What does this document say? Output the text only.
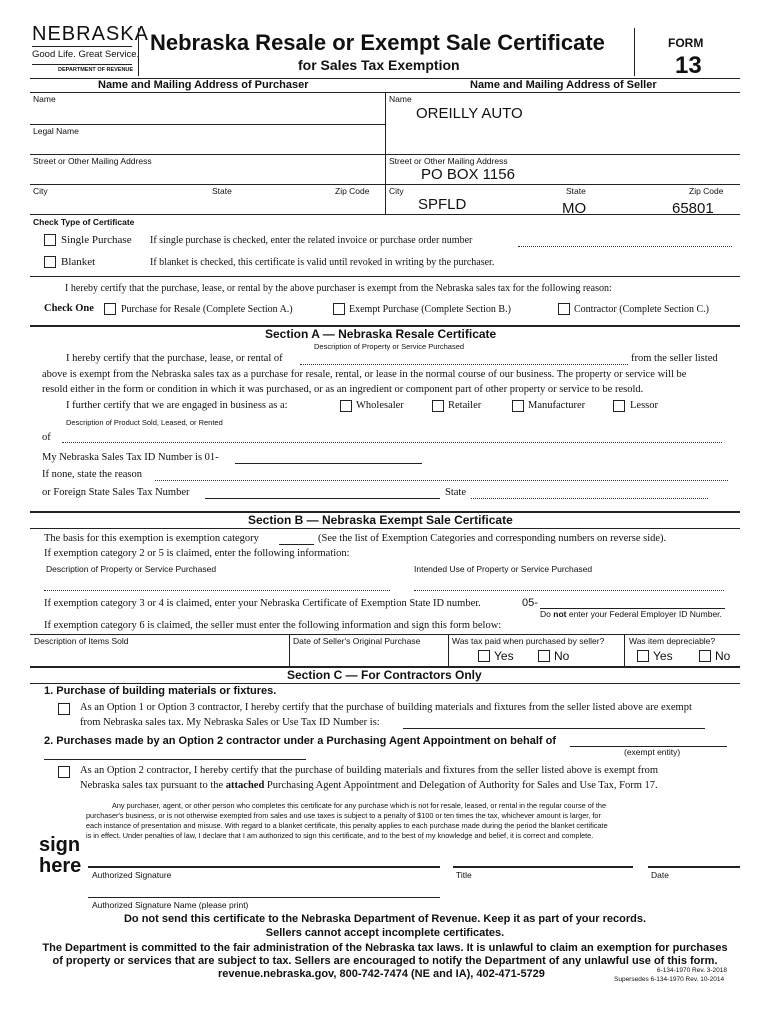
NEBRASKA
Good Life. Great Service.
DEPARTMENT OF REVENUE
Nebraska Resale or Exempt Sale Certificate
for Sales Tax Exemption
FORM
13
Name and Mailing Address of Purchaser	Name and Mailing Address of Seller
Name	Name
OREILLY AUTO
Legal Name
Street or Other Mailing Address	Street or Other Mailing Address
PO BOX 1156
City	State	Zip Code City	State	Zip Code
SPFLD	MO	65801
Check Type of Certificate
Single Purchase If single purchase is checked, enter the related invoice or purchase order number
Blanket	If blanket is checked, this certificate is valid until revoked in writing by the purchaser.
I hereby certify that the purchase, lease, or rental by the above purchaser is exempt from the Nebraska sales tax for the following reason:
Check One	Purchase for Resale (Complete Section A.)	Exempt Purchase (Complete Section B.)	Contractor (Complete Section C.)
Section A — Nebraska Resale Certificate
Description of Property or Service Purchased
I hereby certify that the purchase, lease, or rental of	from the seller listed
above is exempt from the Nebraska sales tax as a purchase for resale, rental, or lease in the normal course of our business. The property or service will be
resold either in the form or condition in which it was purchased, or as an ingredient or component part of other property or service to be resold.
I further certify that we are engaged in business as a:	Wholesaler	Retailer	Manufacturer	Lessor
Description of Product Sold, Leased, or Rented
of
My Nebraska Sales Tax ID Number is 01-
If none, state the reason
or Foreign State Sales Tax Number	State
Section B — Nebraska Exempt Sale Certificate
The basis for this exemption is exemption category	(See the list of Exemption Categories and corresponding numbers on reverse side).
If exemption category 2 or 5 is claimed, enter the following information:
Description of Property or Service Purchased	Intended Use of Property or Service Purchased
If exemption category 3 or 4 is claimed, enter your Nebraska Certificate of Exemption State ID number.	05-
Do not enter your Federal Employer ID Number.
If exemption category 6 is claimed, the seller must enter the following information and sign this form below:
Description of Items Sold	Date of Seller's Original Purchase	Was tax paid when purchased by seller?
Yes	No
Was item depreciable?
Yes	No
Section C — For Contractors Only
1. Purchase of building materials or fixtures.
As an Option 1 or Option 3 contractor, I hereby certify that the purchase of building materials and fixtures from the seller listed above are exempt
from Nebraska sales tax. My Nebraska Sales or Use Tax ID Number is:
2. Purchases made by an Option 2 contractor under a Purchasing Agent Appointment on behalf of
(exempt entity)
As an Option 2 contractor, I hereby certify that the purchase of building materials and fixtures from the seller listed above is exempt from
Nebraska sales tax pursuant to the attached Purchasing Agent Appointment and Delegation of Authority for Sales and Use Tax, Form 17.
Any purchaser, agent, or other person who completes this certificate for any purchase which is not for resale, leased, or rental in the regular course of the
purchaser's business, or is not otherwise exempted from sales and use taxes is subject to a penalty of $100 or ten times the tax, whichever amount is larger, for
each instance of presentation and misuse. With regard to a blanket certificate, this penalty applies to each purchase made during the period the blanket certificate
is in effect. Under penalties of law, I declare that I am authorized to sign this certificate, and to the best of my knowledge and belief, it is correct and complete.
sign
here Authorized Signature	Title	Date
Authorized Signature Name (please print)
Do not send this certificate to the Nebraska Department of Revenue. Keep it as part of your records.
Sellers cannot accept incomplete certificates.
The Department is committed to the fair administration of the Nebraska tax laws. It is unlawful to claim an exemption for purchases
of property or services that are subject to tax. Sellers are encouraged to notify the Department of any unlawful use of this form.
revenue.nebraska.gov, 800-742-7474 (NE and IA), 402-471-5729	6-134-1970 Rev. 3-2018
Supersedes 6-134-1970 Rev. 10-2014
